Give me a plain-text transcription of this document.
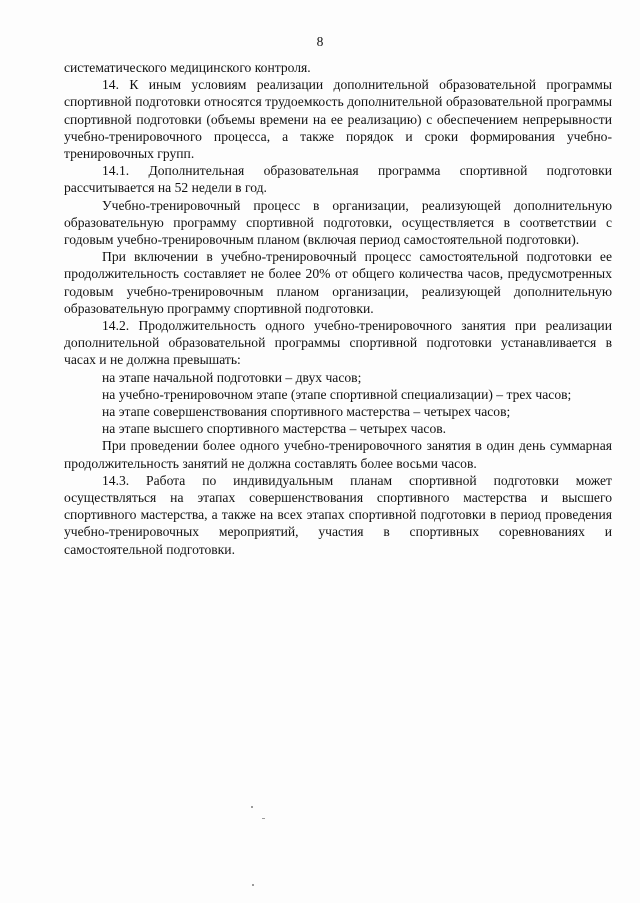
8

систематического медицинского контроля.

14. К иным условиям реализации дополнительной образовательной программы спортивной подготовки относятся трудоемкость дополнительной образовательной программы спортивной подготовки (объемы времени на ее реализацию) с обеспечением непрерывности учебно-тренировочного процесса, а также порядок и сроки формирования учебно-тренировочных групп.

14.1. Дополнительная образовательная программа спортивной подготовки рассчитывается на 52 недели в год.

Учебно-тренировочный процесс в организации, реализующей дополнительную образовательную программу спортивной подготовки, осуществляется в соответствии с годовым учебно-тренировочным планом (включая период самостоятельной подготовки).

При включении в учебно-тренировочный процесс самостоятельной подготовки ее продолжительность составляет не более 20% от общего количества часов, предусмотренных годовым учебно-тренировочным планом организации, реализующей дополнительную образовательную программу спортивной подготовки.

14.2. Продолжительность одного учебно-тренировочного занятия при реализации дополнительной образовательной программы спортивной подготовки устанавливается в часах и не должна превышать:

на этапе начальной подготовки – двух часов;

на учебно-тренировочном этапе (этапе спортивной специализации) – трех часов;

на этапе совершенствования спортивного мастерства – четырех часов;

на этапе высшего спортивного мастерства – четырех часов.

При проведении более одного учебно-тренировочного занятия в один день суммарная продолжительность занятий не должна составлять более восьми часов.

14.3. Работа по индивидуальным планам спортивной подготовки может осуществляться на этапах совершенствования спортивного мастерства и высшего спортивного мастерства, а также на всех этапах спортивной подготовки в период проведения учебно-тренировочных мероприятий, участия в спортивных соревнованиях и самостоятельной подготовки.
